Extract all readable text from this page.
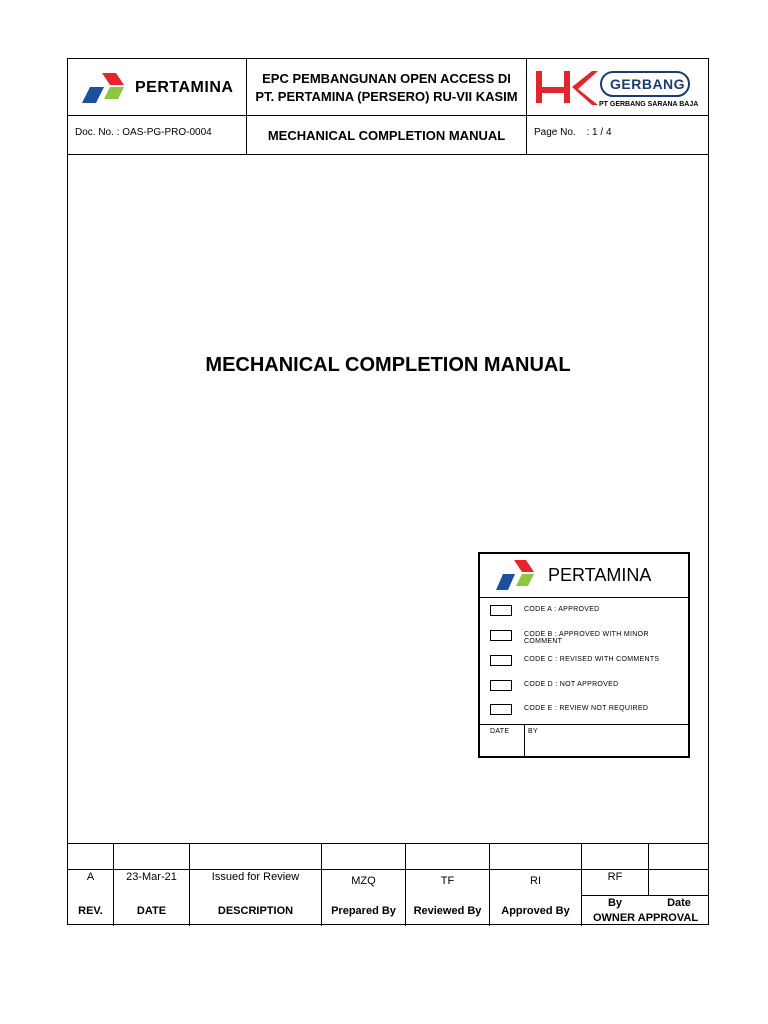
PERTAMINA
EPC PEMBANGUNAN OPEN ACCESS DI
PT. PERTAMINA (PERSERO) RU-VII KASIM
GERBANG
PT GERBANG SARANA BAJA
Doc. No. : OAS-PG-PRO-0004	MECHANICAL COMPLETION MANUAL	Page No. : 1 / 4
MECHANICAL COMPLETION MANUAL
A	23-Mar-21	Issued for Review	MZQ	TF	RI	RF
REV.	DATE	DESCRIPTION	Prepared By	Reviewed By	Approved By
By	Date
OWNER APPROVAL
PERTAMINA
CODE A : APPROVED
CODE B : APPROVED WITH MINOR COMMENT
CODE C : REVISED WITH COMMENTS
CODE D : NOT APPROVED
CODE E : REVIEW NOT REQUIRED
DATE	BY
